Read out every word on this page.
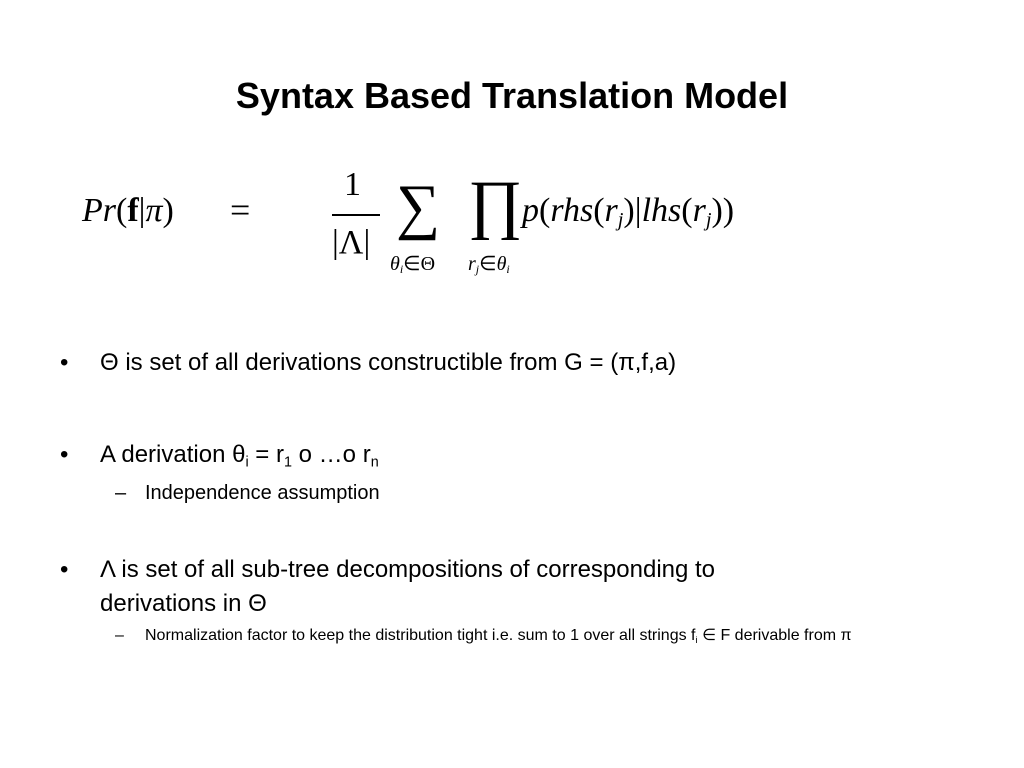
Syntax Based Translation Model
Pr(f|π) =
1
|Λ|
∑ ∏
$\theta_i\in\Theta$ $r_j\in\theta_i$
$p(rhs(r_j)|lhs(r_j))$
• Θ is set of all derivations constructible from G = (π,f,a)
• A derivation $\theta_i = r_1$ o …o $r_n$
– Independence assumption
• Λ is set of all sub-tree decompositions of corresponding to
derivations in Θ
– Normalization factor to keep the distribution tight i.e. sum to 1 over all strings $f_i$ ∈ F derivable from π
